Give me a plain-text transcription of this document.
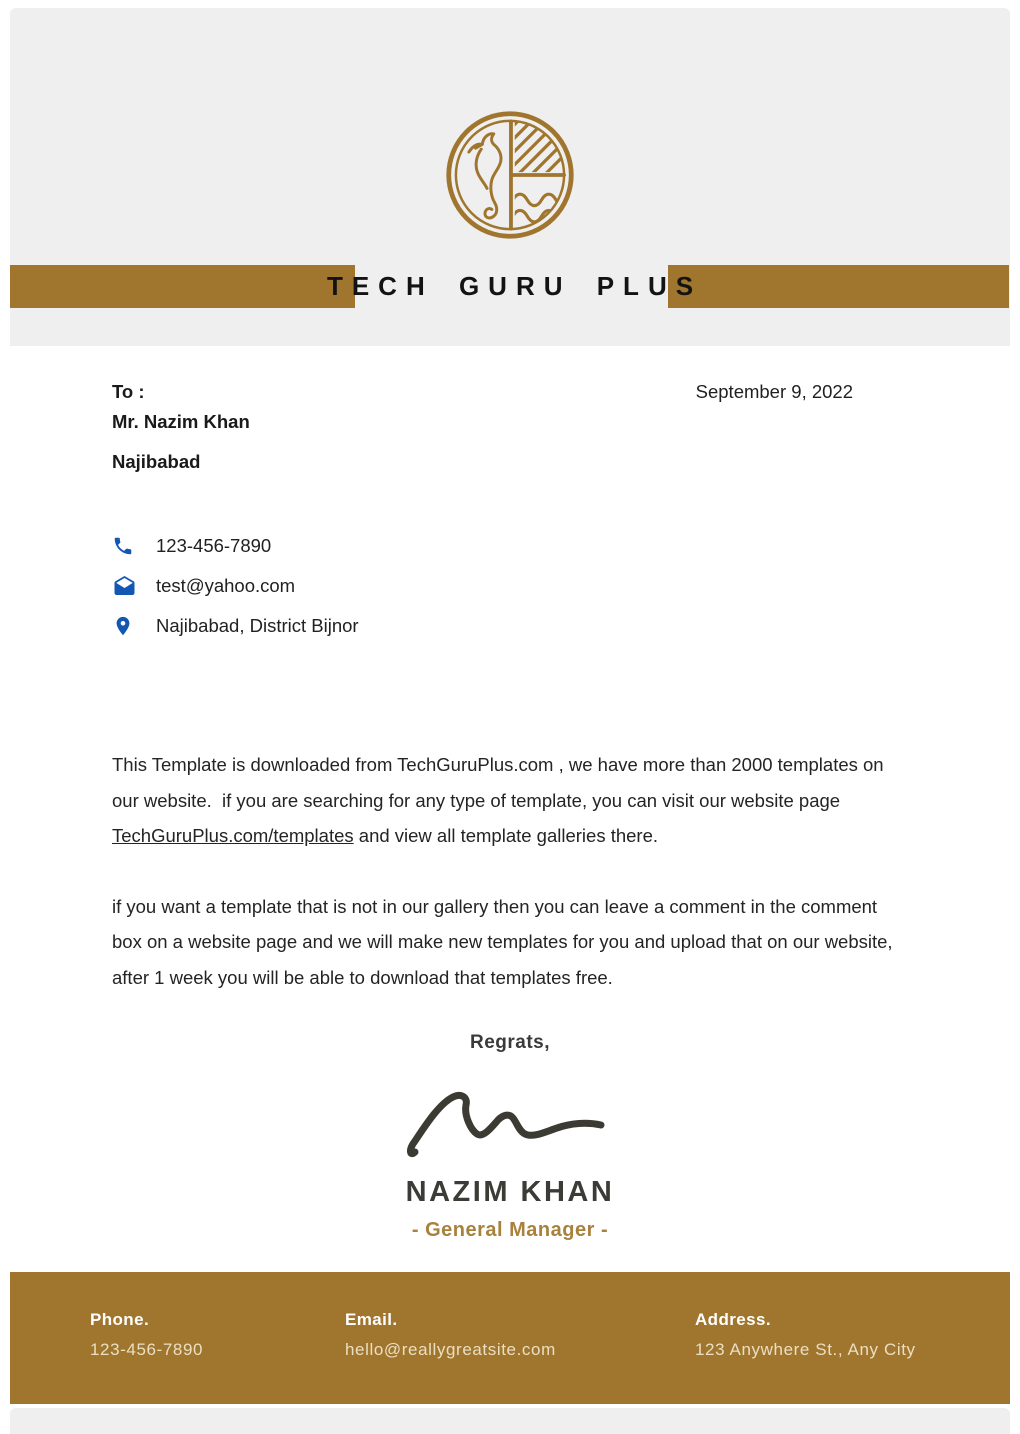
TECH GURU PLUS
September 9, 2022
To :
Mr. Nazim Khan
Najibabad
123-456-7890
test@yahoo.com
Najibabad, District Bijnor

This Template is downloaded from TechGuruPlus.com , we have more than 2000 templates on our website.  if you are searching for any type of template, you can visit our website page TechGuruPlus.com/templates and view all template galleries there.

if you want a template that is not in our gallery then you can leave a comment in the comment box on a website page and we will make new templates for you and upload that on our website, after 1 week you will be able to download that templates free.

Regrats,
NAZIM KHAN
- General Manager -
Phone.
123-456-7890
Email.
hello@reallygreatsite.com
Address.
123 Anywhere St., Any City
